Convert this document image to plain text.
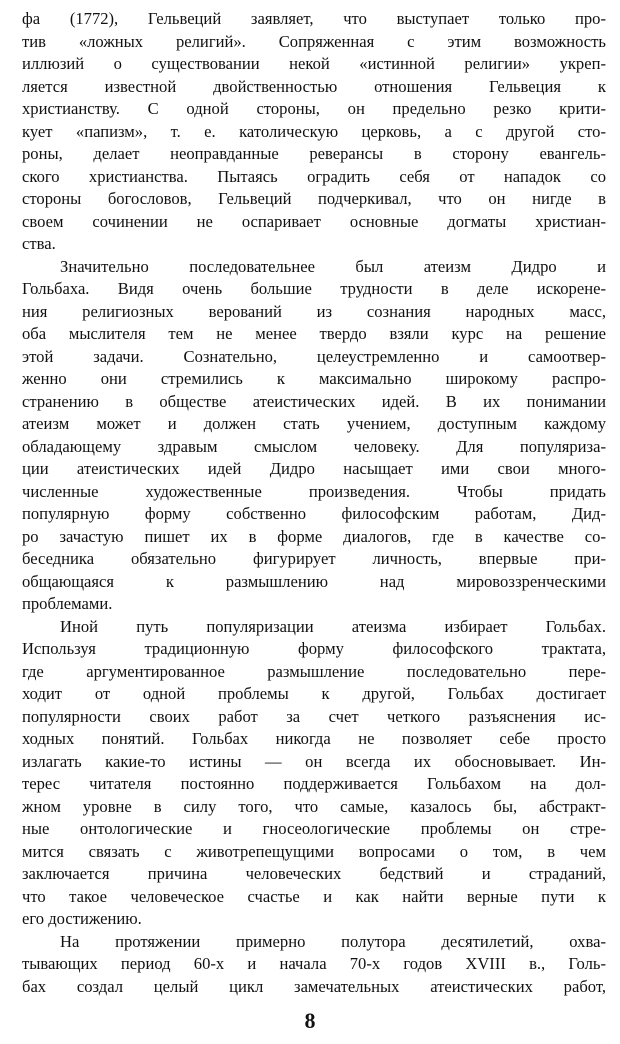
фа (1772), Гельвеций заявляет, что выступает только про-
тив «ложных религий». Сопряженная с этим возможность
иллюзий о существовании некой «истинной религии» укреп-
ляется известной двойственностью отношения Гельвеция к
христианству. С одной стороны, он предельно резко крити-
кует «папизм», т. е. католическую церковь, а с другой сто-
роны, делает неоправданные реверансы в сторону евангель-
ского христианства. Пытаясь оградить себя от нападок со
стороны богословов, Гельвеций подчеркивал, что он нигде в
своем сочинении не оспаривает основные догматы христиан-
ства.
Значительно последовательнее был атеизм Дидро и
Гольбаха. Видя очень большие трудности в деле искорене-
ния религиозных верований из сознания народных масс,
оба мыслителя тем не менее твердо взяли курс на решение
этой задачи. Сознательно, целеустремленно и самоотвер-
женно они стремились к максимально широкому распро-
странению в обществе атеистических идей. В их понимании
атеизм может и должен стать учением, доступным каждому
обладающему здравым смыслом человеку. Для популяриза-
ции атеистических идей Дидро насыщает ими свои много-
численные художественные произведения. Чтобы придать
популярную форму собственно философским работам, Дид-
ро зачастую пишет их в форме диалогов, где в качестве со-
беседника обязательно фигурирует личность, впервые при-
общающаяся к размышлению над мировоззренческими
проблемами.
Иной путь популяризации атеизма избирает Гольбах.
Используя традиционную форму философского трактата,
где аргументированное размышление последовательно пере-
ходит от одной проблемы к другой, Гольбах достигает
популярности своих работ за счет четкого разъяснения ис-
ходных понятий. Гольбах никогда не позволяет себе просто
излагать какие-то истины — он всегда их обосновывает. Ин-
терес читателя постоянно поддерживается Гольбахом на дол-
жном уровне в силу того, что самые, казалось бы, абстракт-
ные онтологические и гносеологические проблемы он стре-
мится связать с животрепещущими вопросами о том, в чем
заключается причина человеческих бедствий и страданий,
что такое человеческое счастье и как найти верные пути к
его достижению.
На протяжении примерно полутора десятилетий, охва-
тывающих период 60-х и начала 70-х годов XVIII в., Голь-
бах создал целый цикл замечательных атеистических работ,
8
